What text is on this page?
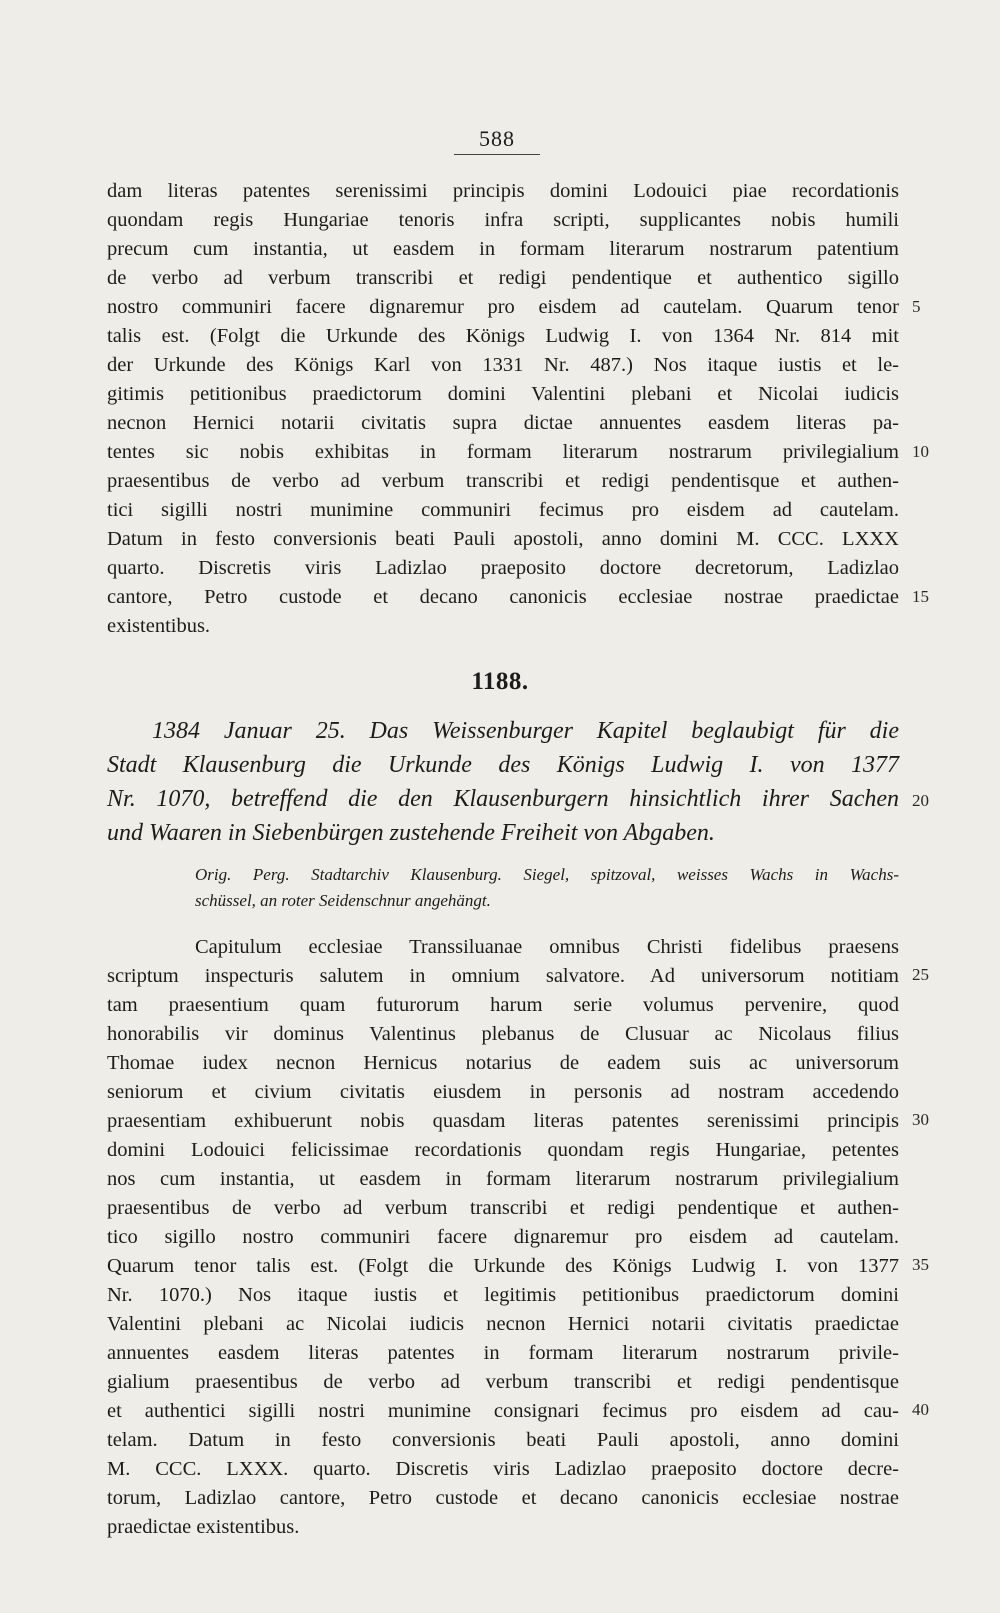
588
dam literas patentes serenissimi principis domini Lodouici piae recordationis
quondam regis Hungariae tenoris infra scripti, supplicantes nobis humili
precum cum instantia, ut easdem in formam literarum nostrarum patentium
de verbo ad verbum transcribi et redigi pendentique et authentico sigillo
nostro communiri facere dignaremur pro eisdem ad cautelam. Quarum tenor
talis est. (Folgt die Urkunde des Königs Ludwig I. von 1364 Nr. 814 mit
der Urkunde des Königs Karl von 1331 Nr. 487.) Nos itaque iustis et le-
gitimis petitionibus praedictorum domini Valentini plebani et Nicolai iudicis
necnon Hernici notarii civitatis supra dictae annuentes easdem literas pa-
tentes sic nobis exhibitas in formam literarum nostrarum privilegialium
praesentibus de verbo ad verbum transcribi et redigi pendentisque et authen-
tici sigilli nostri munimine communiri fecimus pro eisdem ad cautelam.
Datum in festo conversionis beati Pauli apostoli, anno domini M. CCC. LXXX
quarto. Discretis viris Ladizlao praeposito doctore decretorum, Ladizlao
cantore, Petro custode et decano canonicis ecclesiae nostrae praedictae
existentibus.
5
10
15
1188.
1384 Januar 25. Das Weissenburger Kapitel beglaubigt für die
Stadt Klausenburg die Urkunde des Königs Ludwig I. von 1377
Nr. 1070, betreffend die den Klausenburgern hinsichtlich ihrer Sachen
und Waaren in Siebenbürgen zustehende Freiheit von Abgaben.
20
Orig. Perg. Stadtarchiv Klausenburg. Siegel, spitzoval, weisses Wachs in Wachs-
schüssel, an roter Seidenschnur angehängt.
Capitulum ecclesiae Transsiluanae omnibus Christi fidelibus praesens
scriptum inspecturis salutem in omnium salvatore. Ad universorum notitiam
tam praesentium quam futurorum harum serie volumus pervenire, quod
honorabilis vir dominus Valentinus plebanus de Clusuar ac Nicolaus filius
Thomae iudex necnon Hernicus notarius de eadem suis ac universorum
seniorum et civium civitatis eiusdem in personis ad nostram accedendo
praesentiam exhibuerunt nobis quasdam literas patentes serenissimi principis
domini Lodouici felicissimae recordationis quondam regis Hungariae, petentes
nos cum instantia, ut easdem in formam literarum nostrarum privilegialium
praesentibus de verbo ad verbum transcribi et redigi pendentique et authen-
tico sigillo nostro communiri facere dignaremur pro eisdem ad cautelam.
Quarum tenor talis est. (Folgt die Urkunde des Königs Ludwig I. von 1377
Nr. 1070.) Nos itaque iustis et legitimis petitionibus praedictorum domini
Valentini plebani ac Nicolai iudicis necnon Hernici notarii civitatis praedictae
annuentes easdem literas patentes in formam literarum nostrarum privile-
gialium praesentibus de verbo ad verbum transcribi et redigi pendentisque
et authentici sigilli nostri munimine consignari fecimus pro eisdem ad cau-
telam. Datum in festo conversionis beati Pauli apostoli, anno domini
M. CCC. LXXX. quarto. Discretis viris Ladizlao praeposito doctore decre-
torum, Ladizlao cantore, Petro custode et decano canonicis ecclesiae nostrae
praedictae existentibus.
25
30
35
40
